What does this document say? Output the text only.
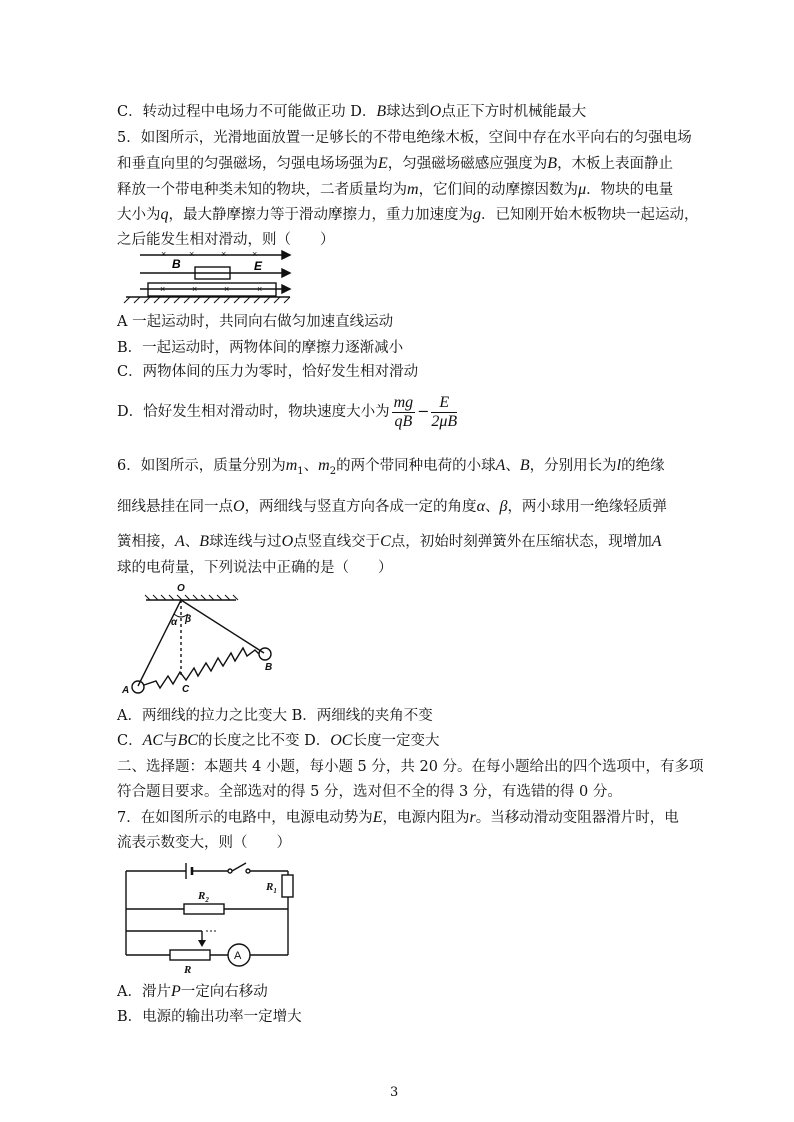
C．转动过程中电场力不可能做正功 D．B球达到O点正下方时机械能最大
5．如图所示，光滑地面放置一足够长的不带电绝缘木板，空间中存在水平向右的匀强电场
和垂直向里的匀强磁场，匀强电场场强为E，匀强磁场磁感应强度为B，木板上表面静止
释放一个带电种类未知的物块，二者质量均为m，它们间的动摩擦因数为μ．物块的电量
大小为q，最大静摩擦力等于滑动摩擦力，重力加速度为g．已知刚开始木板物块一起运动，
之后能发生相对滑动，则（　　）
×	×	×	×
×	×	×	×
B	E
A 一起运动时，共同向右做匀加速直线运动
B．一起运动时，两物体间的摩擦力逐渐减小
C．两物体间的压力为零时，恰好发生相对滑动
D．恰好发生相对滑动时，物块速度大小为 $\frac{mg}{qB} - \frac{E}{2\mu B}$
6．如图所示，质量分别为$m_1$、$m_2$的两个带同种电荷的小球A、B，分别用长为l的绝缘
细线悬挂在同一点O，两细线与竖直方向各成一定的角度α、β，两小球用一绝缘轻质弹
簧相接，A、B球连线与过O点竖直线交于C点，初始时刻弹簧外在压缩状态，现增加A
球的电荷量，下列说法中正确的是（　　）
O
α β
A
B
C
A．两细线的拉力之比变大 B．两细线的夹角不变
C．AC与BC的长度之比不变 D．OC长度一定变大
二、选择题：本题共 4 小题，每小题 5 分，共 20 分。在每小题给出的四个选项中，有多项
符合题目要求。全部选对的得 5 分，选对但不全的得 3 分，有选错的得 0 分。
7．在如图所示的电路中，电源电动势为E，电源内阻为r。当移动滑动变阻器滑片时，电
流表示数变大，则（　　）
$R_1$
$R_2$
R
A
A．滑片P一定向右移动
B．电源的输出功率一定增大
3
